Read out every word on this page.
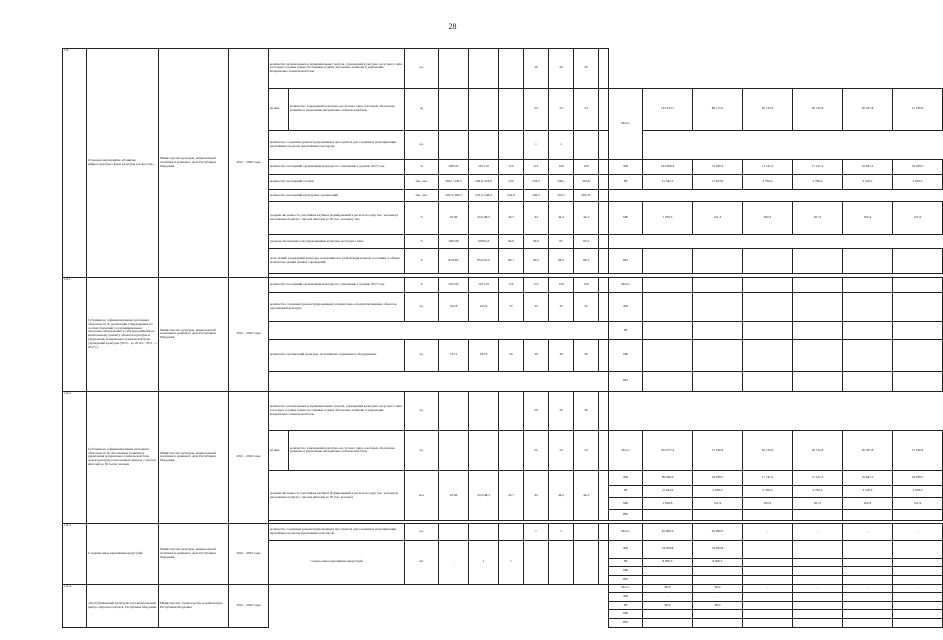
28
1.8.	Основное мероприятие «Развитие инфраструктуры сферы культуры и искусства»	Министерство культуры, национальной политики и архивного дела Республики Мордовия	2021 – 2026 годы	количество региональных и муниципальных театров, учреждений культурно-досугового типа, в которых созданы новые постоянные и (или) обеспечено развитие и укрепление материально-технической базы		ед.				26	26	26								
				из них:	количество учреждений культурно-досугового типа, в которых обеспечено развитие и укрепление материально-технической базы	ед				24	24	24		Всего	145 635,7	80 115,2	20 132,9	20 132,9	20 037,8	21 186,9
				количество созданных (реконструированных) пространств для создания и популяризации креативных проектов (креативных кластеров)		ед.				1	1									
				количество посещений организаций культуры по отношению к уровню 2017 года		%	108/107	107/110	110	115	120	126		ФБ	143 966,4	72 036,3	17 141,2	17 141,2	16 647,2	18 058,5
				количество посещений театров		тыс. чел.	204,1/ 239,5	246,6/ 224,8	230	234,3	239,1	243,8		РБ	21 542,5	11 833,9	2 790,4	2 790,4	3 190,2	2 936,3
				количество посещений культурных организаций		тыс. чел.	243,3/ 263,5	253,5/ 248,3	242,9	249,5	255,5	263,35								
				средняя численность участников клубных формирований в расчете на одну тыс. человек (в населенных пунктах с числом жителей до 50 тыс. человек), тыс.		%	43/46	43,5/48,3	43,7	44	44,2	44,4		МБ	1 059,5	211,3	200,3	201,3	200,4	211,9
				уровень обеспеченности учреждениями культуры досугового типа		%	100/100	100/94,3	94,6	94,9	95	95,2								
				доля зданий учреждений культуры, находящихся в удовлетворительном состоянии, в общем количестве зданий данных учреждений		%	82,6/85	85,6/91,2	89,1	90,2	90,3	89,4		ВИ						

1.8.1.	Субсидии на софинансирование расходных обязательств по реализации утвержденных на соответствующий год муниципальных программ, включающих в себя мероприятия по капитальному ремонту объектов культуры и укреплению материально-технической базы учреждений культуры (7010 – до 2016 г., 7611 – с 2017 г.)	Министерство культуры, национальной политики и архивного дела Республики Мордовия	2022 – 2026 годы	количество посещений организаций культуры по отношению к уровню 2017 года		%	105/107	107/119	119	115	120	126		Всего						
				количество созданных (реконструированных) и капитально отремонтированных объектов организаций культуры		ед.	19/18	24/24	27	32	32	32		ФБ						
														РБ						
				количество организаций культуры, получивших современное оборудование		ед.	12/12	18/18	26	36	36	36		МБ						
														ВИ						
1.8.2.	Субсидии на софинансирование расходных обязательств на обеспечение развития и укрепления материально-технической базы домов культуры в населенных пунктах с числом жителей до 50 тысяч человек	Министерство культуры, национальной политики и архивного дела Республики Мордовия	2021 – 2026 годы	количество региональных и муниципальных театров, учреждений культурно-досугового типа, в которых созданы новые постоянные и (или) обеспечено развитие и укрепление материально-технической базы		ед.				26	26	26								
				из них:	количество учреждений культурно-досугового типа, в которых обеспечено развитие и укрепление материально-технической базы	ед.				24	24	24		Всего	102 077,4	21 186,9	20 132,9	20 132,9	20 037,8	21 186,9
				средняя численность участников клубных формирований в расчете на одну тыс. человек (в населенных пунктах с числом жителей до 50 тыс. человек)		чел.	43/46	43,5/48,3	43,7	44	44,2	44,4		ФБ	89 046,6	18 058,5	17 141,2	17 141,2	16 647,2	18 058,5
														РБ	12 644,0	2 936,3	2 790,4	2 790,4	3 190,2	2 936,3
														МБ	1 026,8	211,9	200,3	201,3	200,4	211,9
														ВИ						

1.8.3.	Создание школ креативных индустрий	Министерство культуры, национальной политики и архивного дела Республики Мордовия	2022 – 2026 годы	количество созданных (реконструированных) пространств для создания и популяризации креативных проектов (креативных кластеров)		ед.				1	1			Всего	62 960,3	62 960,3	-	-	-	-
				создано школ креативных индустрий		шт	-	1	1					ФБ	54 059,8	54 059,8				
														РБ	8 900,5	8 900,5				
														МБ						
														ВИ						
1.8.4.	«Республиканский культурно-просветительский центр» г.Краснослободск, Республика Мордовия	Министерство строительства и архитектуры Республики Мордовия	2022 – 2026 годы											Всего	98,0	98,0	-	-	-	-
														ФБ	-	-				
														РБ	98,0	98,0				
														МБ						
														ВИ						
